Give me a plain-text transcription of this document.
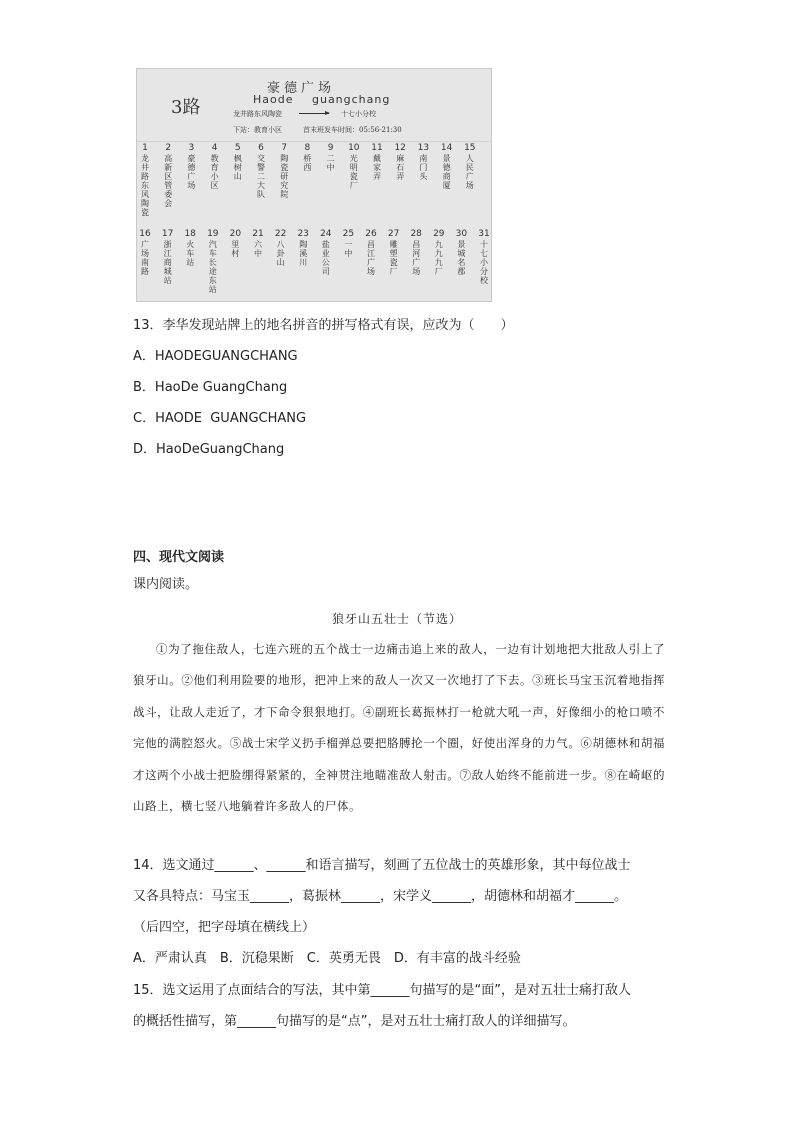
3路
豪德广场
Haode guangchang
龙井路东风陶瓷	十七小分校
下站：教育小区	首末班发车时间：05:56-21:30
1
龙
井
路
东
风
陶
瓷
2
高
新
区
管
委
会
3
豪
德
广
场
4
教
育
小
区
5
枫
树
山
6
交
警
二
大
队
7
陶
瓷
研
究
院
8
桥
西
9
二
中
10
光
明
瓷
厂
11
戴
家
弄
12
麻
石
弄
13
南
门
头
14
景
德
商
厦
15
人
民
广
场
16
广
场
南
路
17
浙
江
商
城
站
18
火
车
站
19
汽
车
长
途
东
站
20
里
村
21
六
中
22
八
卦
山
23
陶
溪
川
24
盐
业
公
司
25
一
中
26
昌
江
广
场
27
雕
塑
瓷
厂
28
昌
河
广
场
29
九
九
九
厂
30
景
城
名
郡
31
十
七
小
分
校
13．李华发现站牌上的地名拼音的拼写格式有误，应改为（　　）
A．HAODEGUANGCHANG
B．HaoDe GuangChang
C．HAODE  GUANGCHANG
D．HaoDeGuangChang
四、现代文阅读
课内阅读。
狼牙山五壮士（节选）
①为了拖住敌人，七连六班的五个战士一边痛击追上来的敌人，一边有计划地把大批敌人引上了狼牙山。②他们利用险要的地形，把冲上来的敌人一次又一次地打了下去。③班长马宝玉沉着地指挥战斗，让敌人走近了，才下命令狠狠地打。④副班长葛振林打一枪就大吼一声，好像细小的枪口喷不完他的满腔怒火。⑤战士宋学义扔手榴弹总要把胳膊抡一个圈，好使出浑身的力气。⑥胡德林和胡福才这两个小战士把脸绷得紧紧的，全神贯注地瞄准敌人射击。⑦敌人始终不能前进一步。⑧在崎岖的山路上，横七竖八地躺着许多敌人的尸体。
14．选文通过______、______和语言描写，刻画了五位战士的英雄形象，其中每位战士
又各具特点：马宝玉______，葛振林______，宋学义______，胡德林和胡福才______。
（后四空，把字母填在横线上）
A．严肃认真　B．沉稳果断　C．英勇无畏　D．有丰富的战斗经验
15．选文运用了点面结合的写法，其中第______句描写的是“面”，是对五壮士痛打敌人
的概括性描写，第______句描写的是“点”，是对五壮士痛打敌人的详细描写。
